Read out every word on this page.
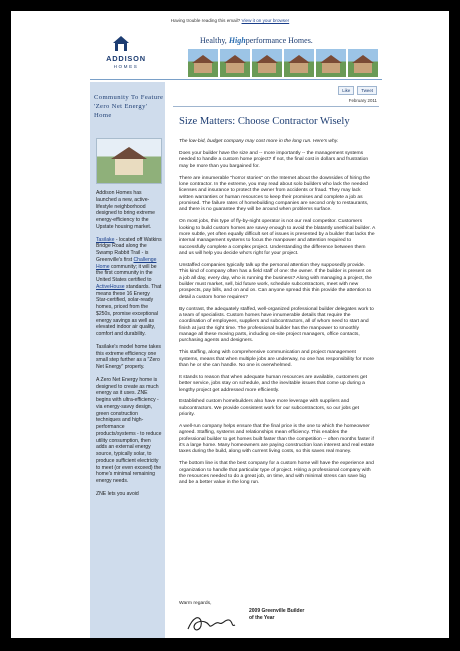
Having trouble reading this email? View it on your browser
ADDISON
HOMES
Healthy, Highperformance Homes.
Community To Feature 'Zero Net Energy' Home

Addison Homes has launched a new, active-lifestyle neighborhood designed to bring extreme energy-efficiency to the Upstate housing market.

Tasilake - located off Watkins Bridge Road along the Swamp Rabbit Trail - is Greenville's first Challenge Home community; it will be the first community in the United States certified to ActiveHouse standards. That means these 16 Energy Star-certified, solar-ready homes, priced from the $250s, promise exceptional energy savings as well as elevated indoor air quality, comfort and durability.

Tasilake's model home takes this extreme efficiency one small step further as a "Zero Net Energy" property.

A Zero Net Energy home is designed to create as much energy as it uses. ZNE begins with ultra-efficiency - via energy-savvy design, green construction techniques and high-performance products/systems - to reduce utility consumption, then adds an external energy source, typically solar, to produce sufficient electricity to meet (or even exceed) the home's minimal remaining energy needs.

ZNE lets you avoid

Like	Tweet
February 2011
Size Matters: Choose Contractor Wisely

The low-bid, budget company may cost more in the long run. Here's why.

Does your builder have the size and -- more importantly -- the management systems needed to handle a custom home project? If not, the final cost in dollars and frustration may be more than you bargained for.

There are innumerable "horror stories" on the Internet about the downsides of hiring the lone contractor. In the extreme, you may read about solo builders who lack the needed licenses and insurance to protect the owner from accidents or fraud. They may lack written warranties or human resources to keep their promises and complete a job as promised. The failure rates of homebuilding companies are second only to restaurants, and there is no guarantee they will be around when problems surface.

On most jobs, this type of fly-by-night operator is not our real competitor. Customers looking to build custom homes are savvy enough to avoid the blatantly unethical builder. A more subtle, yet often equally difficult set of issues is presented by a builder that lacks the internal management systems to focus the manpower and attention required to successfully complete a complex project. Understanding the difference between them and us will help you decide who's right for your project.

Unstaffed companies typically talk up the personal attention they supposedly provide. This kind of company often has a field staff of one: the owner. If the builder is present on a job all day, every day, who is running the business? Along with managing a project, the builder must market, sell, bid future work, schedule subcontractors, meet with new prospects, pay bills, and on and on. Can anyone spread this thin provide the attention to detail a custom home requires?

By contrast, the adequately staffed, well-organized professional builder delegates work to a team of specialists. Custom homes have innumerable details that require the coordination of employees, suppliers and subcontractors, all of whom need to start and finish at just the right time. The professional builder has the manpower to smoothly manage all these moving parts, including on-site project managers, office contacts, purchasing agents and designers.

This staffing, along with comprehensive communication and project management systems, means that when multiple jobs are underway, no one has responsibility for more than he or she can handle. No one is overwhelmed.

It stands to reason that when adequate human resources are available, customers get better service, jobs stay on schedule, and the inevitable issues that come up during a lengthy project get addressed more efficiently.

Established custom homebuilders also have more leverage with suppliers and subcontractors. We provide consistent work for our subcontractors, so our jobs get priority.

A well-run company helps ensure that the final price is the one to which the homeowner agreed. Staffing, systems and relationships mean efficiency. This enables the professional builder to get homes built faster than the competition -- often months faster if it's a large home. Many homeowners are paying construction loan interest and real estate taxes during the build, along with current living costs, so this saves real money.

The bottom line is that the best company for a custom home will have the experience and organization to handle that particular type of project. Hiring a professional company with the resources needed to do a great job, on time, and with minimal stress can save big and be a better value in the long run.

Warm regards,
2009 Greenville Builder
of the Year
